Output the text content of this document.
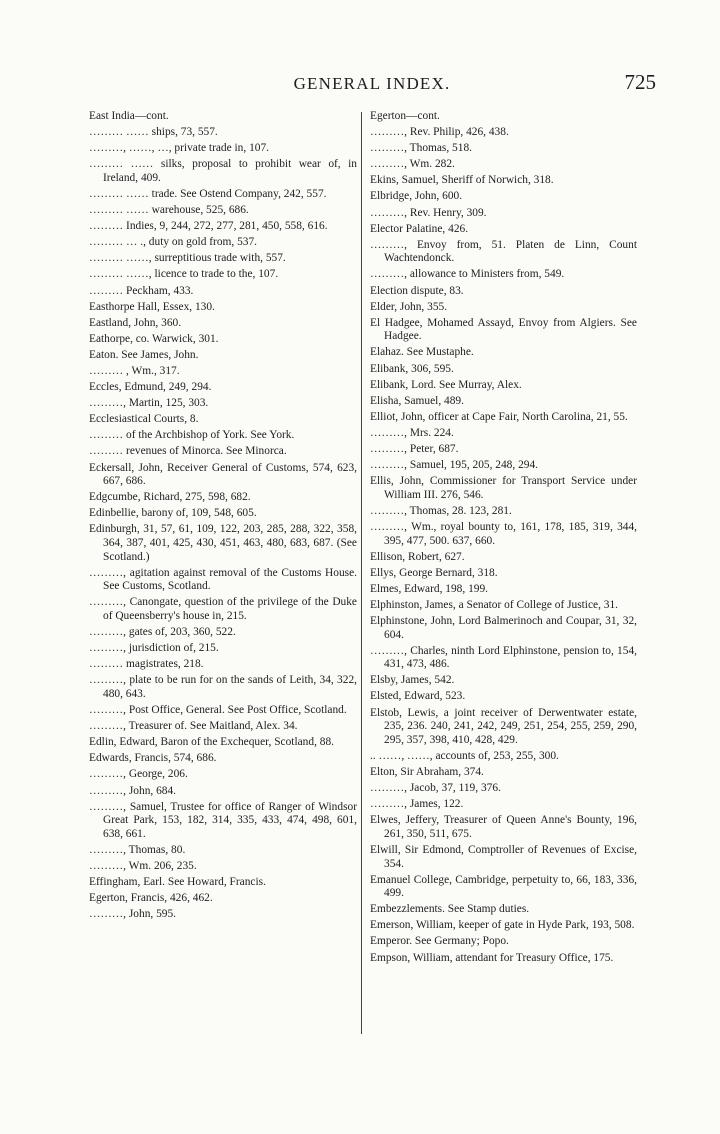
GENERAL INDEX.	725

East India—cont.

……… …… ships, 73, 557.

………, ……, …, private trade in, 107.

……… …… silks, proposal to prohibit wear of, in Ireland, 409.

……… …… trade. See Ostend Company, 242, 557.

……… …… warehouse, 525, 686.

……… Indies, 9, 244, 272, 277, 281, 450, 558, 616.

……… … ., duty on gold from, 537.

……… ……, surreptitious trade with, 557.

……… ……, licence to trade to the, 107.

……… Peckham, 433.

Easthorpe Hall, Essex, 130.

Eastland, John, 360.

Eathorpe, co. Warwick, 301.

Eaton. See James, John.

……… , Wm., 317.

Eccles, Edmund, 249, 294.

………, Martin, 125, 303.

Ecclesiastical Courts, 8.

……… of the Archbishop of York. See York.

……… revenues of Minorca. See Minorca.

Eckersall, John, Receiver General of Customs, 574, 623, 667, 686.

Edgcumbe, Richard, 275, 598, 682.

Edinbellie, barony of, 109, 548, 605.

Edinburgh, 31, 57, 61, 109, 122, 203, 285, 288, 322, 358, 364, 387, 401, 425, 430, 451, 463, 480, 683, 687. (See Scotland.)

………, agitation against removal of the Customs House. See Customs, Scotland.

………, Canongate, question of the privilege of the Duke of Queensberry's house in, 215.

………, gates of, 203, 360, 522.

………, jurisdiction of, 215.

……… magistrates, 218.

………, plate to be run for on the sands of Leith, 34, 322, 480, 643.

………, Post Office, General. See Post Office, Scotland.

………, Treasurer of. See Maitland, Alex. 34.

Edlin, Edward, Baron of the Exchequer, Scotland, 88.

Edwards, Francis, 574, 686.

………, George, 206.

………, John, 684.

………, Samuel, Trustee for office of Ranger of Windsor Great Park, 153, 182, 314, 335, 433, 474, 498, 601, 638, 661.

………, Thomas, 80.

………, Wm. 206, 235.

Effingham, Earl. See Howard, Francis.

Egerton, Francis, 426, 462.

………, John, 595.

Egerton—cont.

………, Rev. Philip, 426, 438.

………, Thomas, 518.

………, Wm. 282.

Ekins, Samuel, Sheriff of Norwich, 318.

Elbridge, John, 600.

………, Rev. Henry, 309.

Elector Palatine, 426.

………, Envoy from, 51. Platen de Linn, Count Wachtendonck.

………, allowance to Ministers from, 549.

Election dispute, 83.

Elder, John, 355.

El Hadgee, Mohamed Assayd, Envoy from Algiers. See Hadgee.

Elahaz. See Mustaphe.

Elibank, 306, 595.

Elibank, Lord. See Murray, Alex.

Elisha, Samuel, 489.

Elliot, John, officer at Cape Fair, North Carolina, 21, 55.

………, Mrs. 224.

………, Peter, 687.

………, Samuel, 195, 205, 248, 294.

Ellis, John, Commissioner for Transport Service under William III. 276, 546.

………, Thomas, 28. 123, 281.

………, Wm., royal bounty to, 161, 178, 185, 319, 344, 395, 477, 500. 637, 660.

Ellison, Robert, 627.

Ellys, George Bernard, 318.

Elmes, Edward, 198, 199.

Elphinston, James, a Senator of College of Justice, 31.

Elphinstone, John, Lord Balmerinoch and Coupar, 31, 32, 604.

………, Charles, ninth Lord Elphinstone, pension to, 154, 431, 473, 486.

Elsby, James, 542.

Elsted, Edward, 523.

Elstob, Lewis, a joint receiver of Derwentwater estate, 235, 236. 240, 241, 242, 249, 251, 254, 255, 259, 290, 295, 357, 398, 410, 428, 429.

.. ……, ……, accounts of, 253, 255, 300.

Elton, Sir Abraham, 374.

………, Jacob, 37, 119, 376.

………, James, 122.

Elwes, Jeffery, Treasurer of Queen Anne's Bounty, 196, 261, 350, 511, 675.

Elwill, Sir Edmond, Comptroller of Revenues of Excise, 354.

Emanuel College, Cambridge, perpetuity to, 66, 183, 336, 499.

Embezzlements. See Stamp duties.

Emerson, William, keeper of gate in Hyde Park, 193, 508.

Emperor. See Germany; Popo.

Empson, William, attendant for Treasury Office, 175.
